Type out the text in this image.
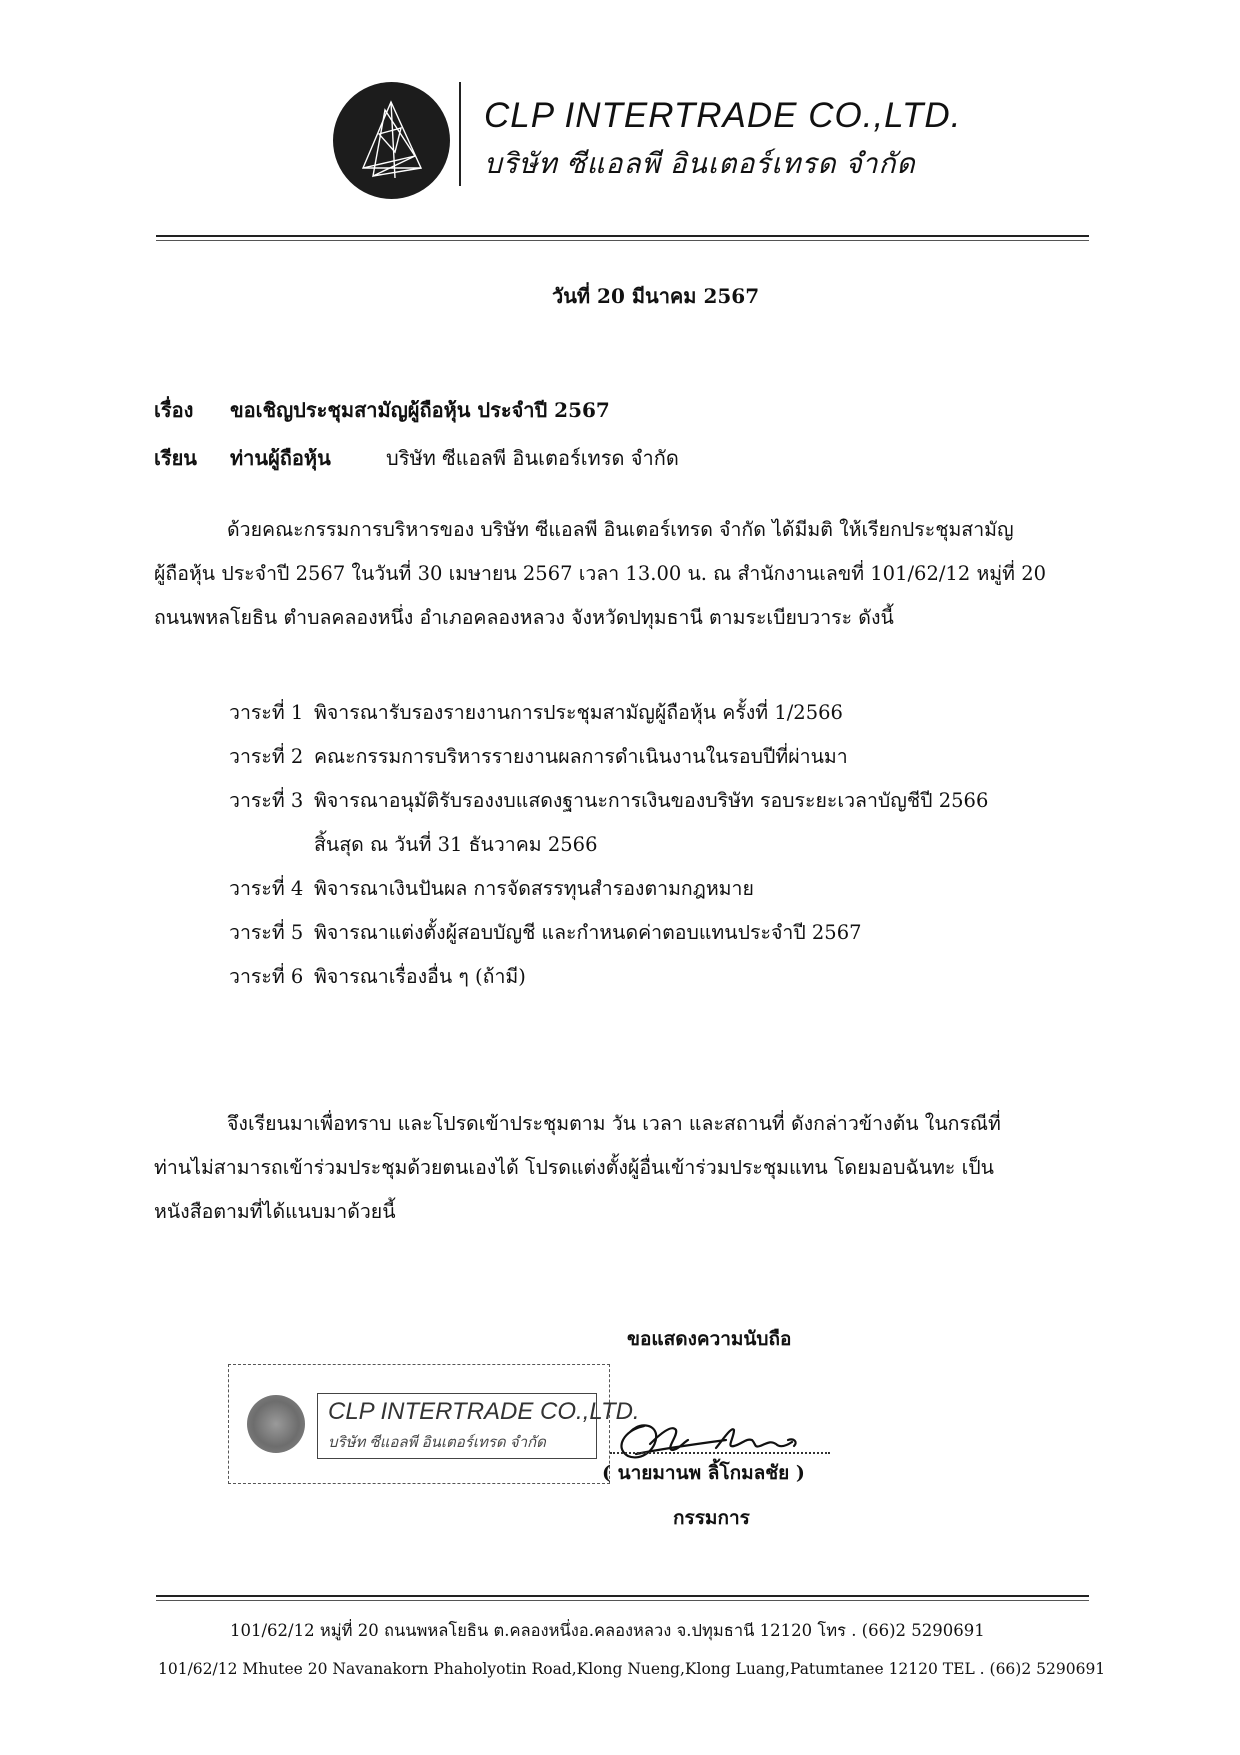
CLP INTERTRADE CO.,LTD.
บริษัท ซีแอลพี อินเตอร์เทรด จำกัด
วันที่ 20 มีนาคม 2567
เรื่อง ขอเชิญประชุมสามัญผู้ถือหุ้น ประจำปี 2567
เรียน ท่านผู้ถือหุ้น	บริษัท ซีแอลพี อินเตอร์เทรด จำกัด
ด้วยคณะกรรมการบริหารของ บริษัท ซีแอลพี อินเตอร์เทรด จำกัด ได้มีมติ ให้เรียกประชุมสามัญ
ผู้ถือหุ้น ประจำปี 2567 ในวันที่ 30 เมษายน 2567 เวลา 13.00 น. ณ สำนักงานเลขที่ 101/62/12 หมู่ที่ 20
ถนนพหลโยธิน ตำบลคลองหนึ่ง อำเภอคลองหลวง จังหวัดปทุมธานี ตามระเบียบวาระ ดังนี้
วาระที่ 1 พิจารณารับรองรายงานการประชุมสามัญผู้ถือหุ้น ครั้งที่ 1/2566
วาระที่ 2 คณะกรรมการบริหารรายงานผลการดำเนินงานในรอบปีที่ผ่านมา
วาระที่ 3 พิจารณาอนุมัติรับรองงบแสดงฐานะการเงินของบริษัท รอบระยะเวลาบัญชีปี 2566
สิ้นสุด ณ วันที่ 31 ธันวาคม 2566
วาระที่ 4 พิจารณาเงินปันผล การจัดสรรทุนสำรองตามกฎหมาย
วาระที่ 5 พิจารณาแต่งตั้งผู้สอบบัญชี และกำหนดค่าตอบแทนประจำปี 2567
วาระที่ 6 พิจารณาเรื่องอื่น ๆ (ถ้ามี)
จึงเรียนมาเพื่อทราบ และโปรดเข้าประชุมตาม วัน เวลา และสถานที่ ดังกล่าวข้างต้น ในกรณีที่
ท่านไม่สามารถเข้าร่วมประชุมด้วยตนเองได้ โปรดแต่งตั้งผู้อื่นเข้าร่วมประชุมแทน โดยมอบฉันทะ เป็น
หนังสือตามที่ได้แนบมาด้วยนี้
ขอแสดงความนับถือ
CLP INTERTRADE CO.,LTD.
บริษัท ซีแอลพี อินเตอร์เทรด จำกัด
( นายมานพ ลิ้โกมลชัย )
กรรมการ
101/62/12 หมู่ที่ 20 ถนนพหลโยธิน ต.คลองหนึ่งอ.คลองหลวง จ.ปทุมธานี 12120 โทร . (66)2 5290691
101/62/12 Mhutee 20 Navanakorn Phaholyotin Road,Klong Nueng,Klong Luang,Patumtanee 12120 TEL . (66)2 5290691
